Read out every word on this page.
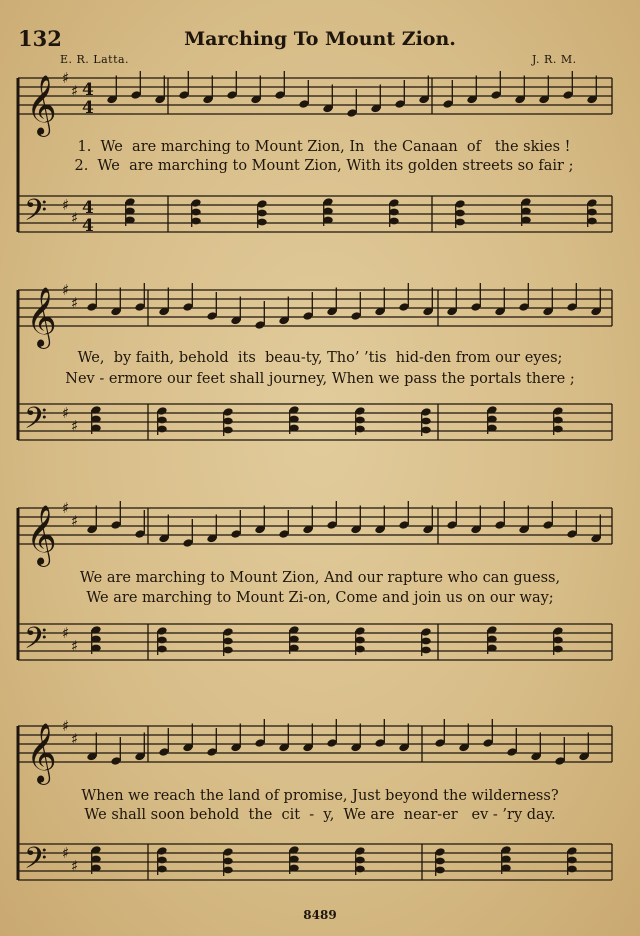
132	Marching To Mount Zion.
E. R. Latta.	J. R. M.
𝄞
𝄢
♯
♯
♯
♯
4
4
4
4
𝄞
𝄢
♯
♯
♯
♯
𝄞
𝄢
♯
♯
♯
♯
𝄞
𝄢
♯
♯
♯
♯
1.  We  are marching to Mount Zion, In  the Canaan  of   the skies !
2.  We  are marching to Mount Zion, With its golden streets so fair ;
We,  by faith, behold  its  beau-ty, Tho’ ’tis  hid-den from our eyes;
Nev - ermore our feet shall journey, When we pass the portals there ;
We are marching to Mount Zion, And our rapture who can guess,
We are marching to Mount Zi-on, Come and join us on our way;
When we reach the land of promise, Just beyond the wilderness?
We shall soon behold  the  cit  -  y,  We are  near-er   ev - ’ry day.
8489
